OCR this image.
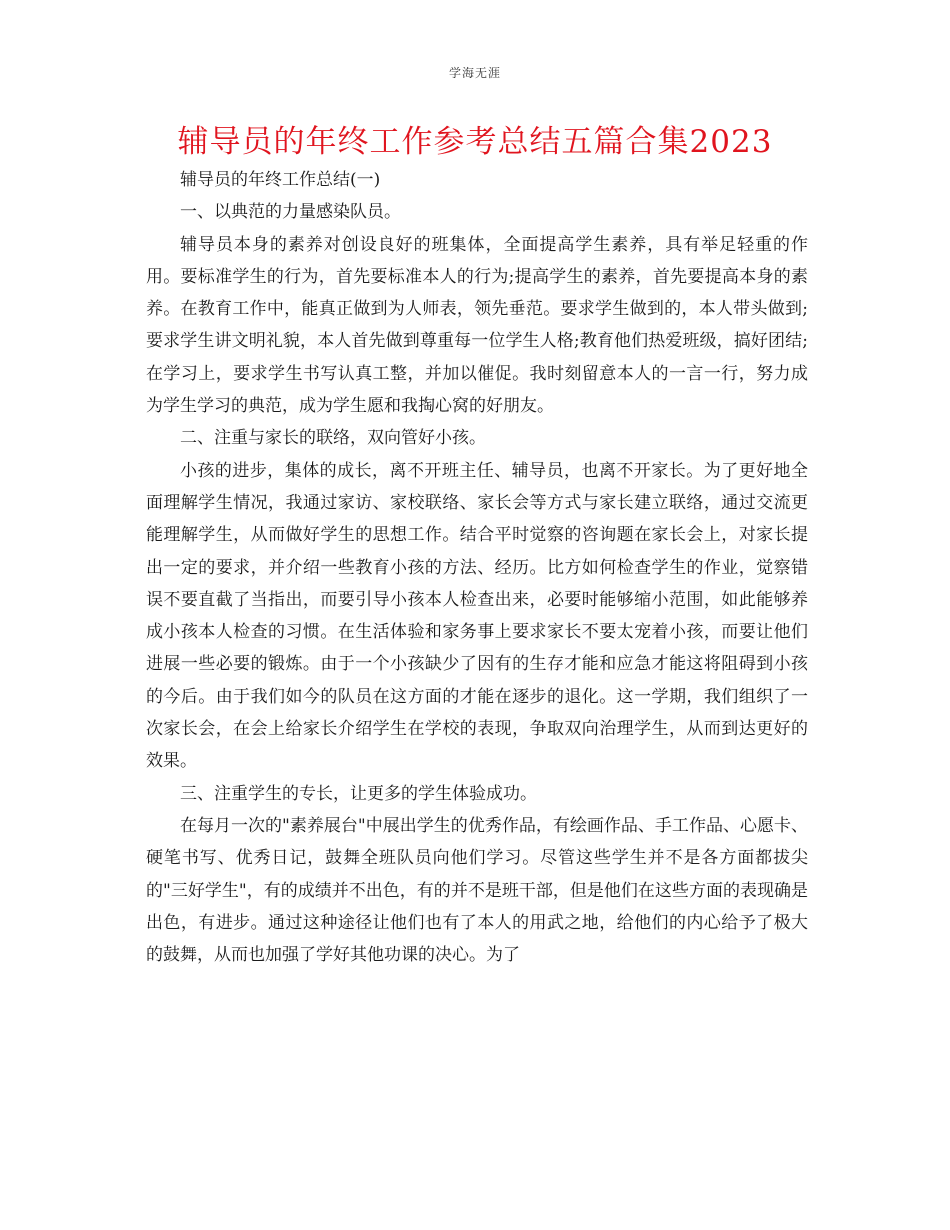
学海无涯
辅导员的年终工作参考总结五篇合集2023

辅导员的年终工作总结(一)

一、以典范的力量感染队员。

辅导员本身的素养对创设良好的班集体，全面提高学生素养，具有举足轻重的作用。要标准学生的行为，首先要标准本人的行为;提高学生的素养，首先要提高本身的素养。在教育工作中，能真正做到为人师表，领先垂范。要求学生做到的，本人带头做到;要求学生讲文明礼貌，本人首先做到尊重每一位学生人格;教育他们热爱班级，搞好团结;在学习上，要求学生书写认真工整，并加以催促。我时刻留意本人的一言一行，努力成为学生学习的典范，成为学生愿和我掏心窝的好朋友。

二、注重与家长的联络，双向管好小孩。

小孩的进步，集体的成长，离不开班主任、辅导员，也离不开家长。为了更好地全面理解学生情况，我通过家访、家校联络、家长会等方式与家长建立联络，通过交流更能理解学生，从而做好学生的思想工作。结合平时觉察的咨询题在家长会上，对家长提出一定的要求，并介绍一些教育小孩的方法、经历。比方如何检查学生的作业，觉察错误不要直截了当指出，而要引导小孩本人检查出来，必要时能够缩小范围，如此能够养成小孩本人检查的习惯。在生活体验和家务事上要求家长不要太宠着小孩，而要让他们进展一些必要的锻炼。由于一个小孩缺少了因有的生存才能和应急才能这将阻碍到小孩的今后。由于我们如今的队员在这方面的才能在逐步的退化。这一学期，我们组织了一次家长会，在会上给家长介绍学生在学校的表现，争取双向治理学生，从而到达更好的效果。

三、注重学生的专长，让更多的学生体验成功。

在每月一次的"素养展台"中展出学生的优秀作品，有绘画作品、手工作品、心愿卡、硬笔书写、优秀日记，鼓舞全班队员向他们学习。尽管这些学生并不是各方面都拔尖的"三好学生"，有的成绩并不出色，有的并不是班干部，但是他们在这些方面的表现确是出色，有进步。通过这种途径让他们也有了本人的用武之地，给他们的内心给予了极大的鼓舞，从而也加强了学好其他功课的决心。为了
